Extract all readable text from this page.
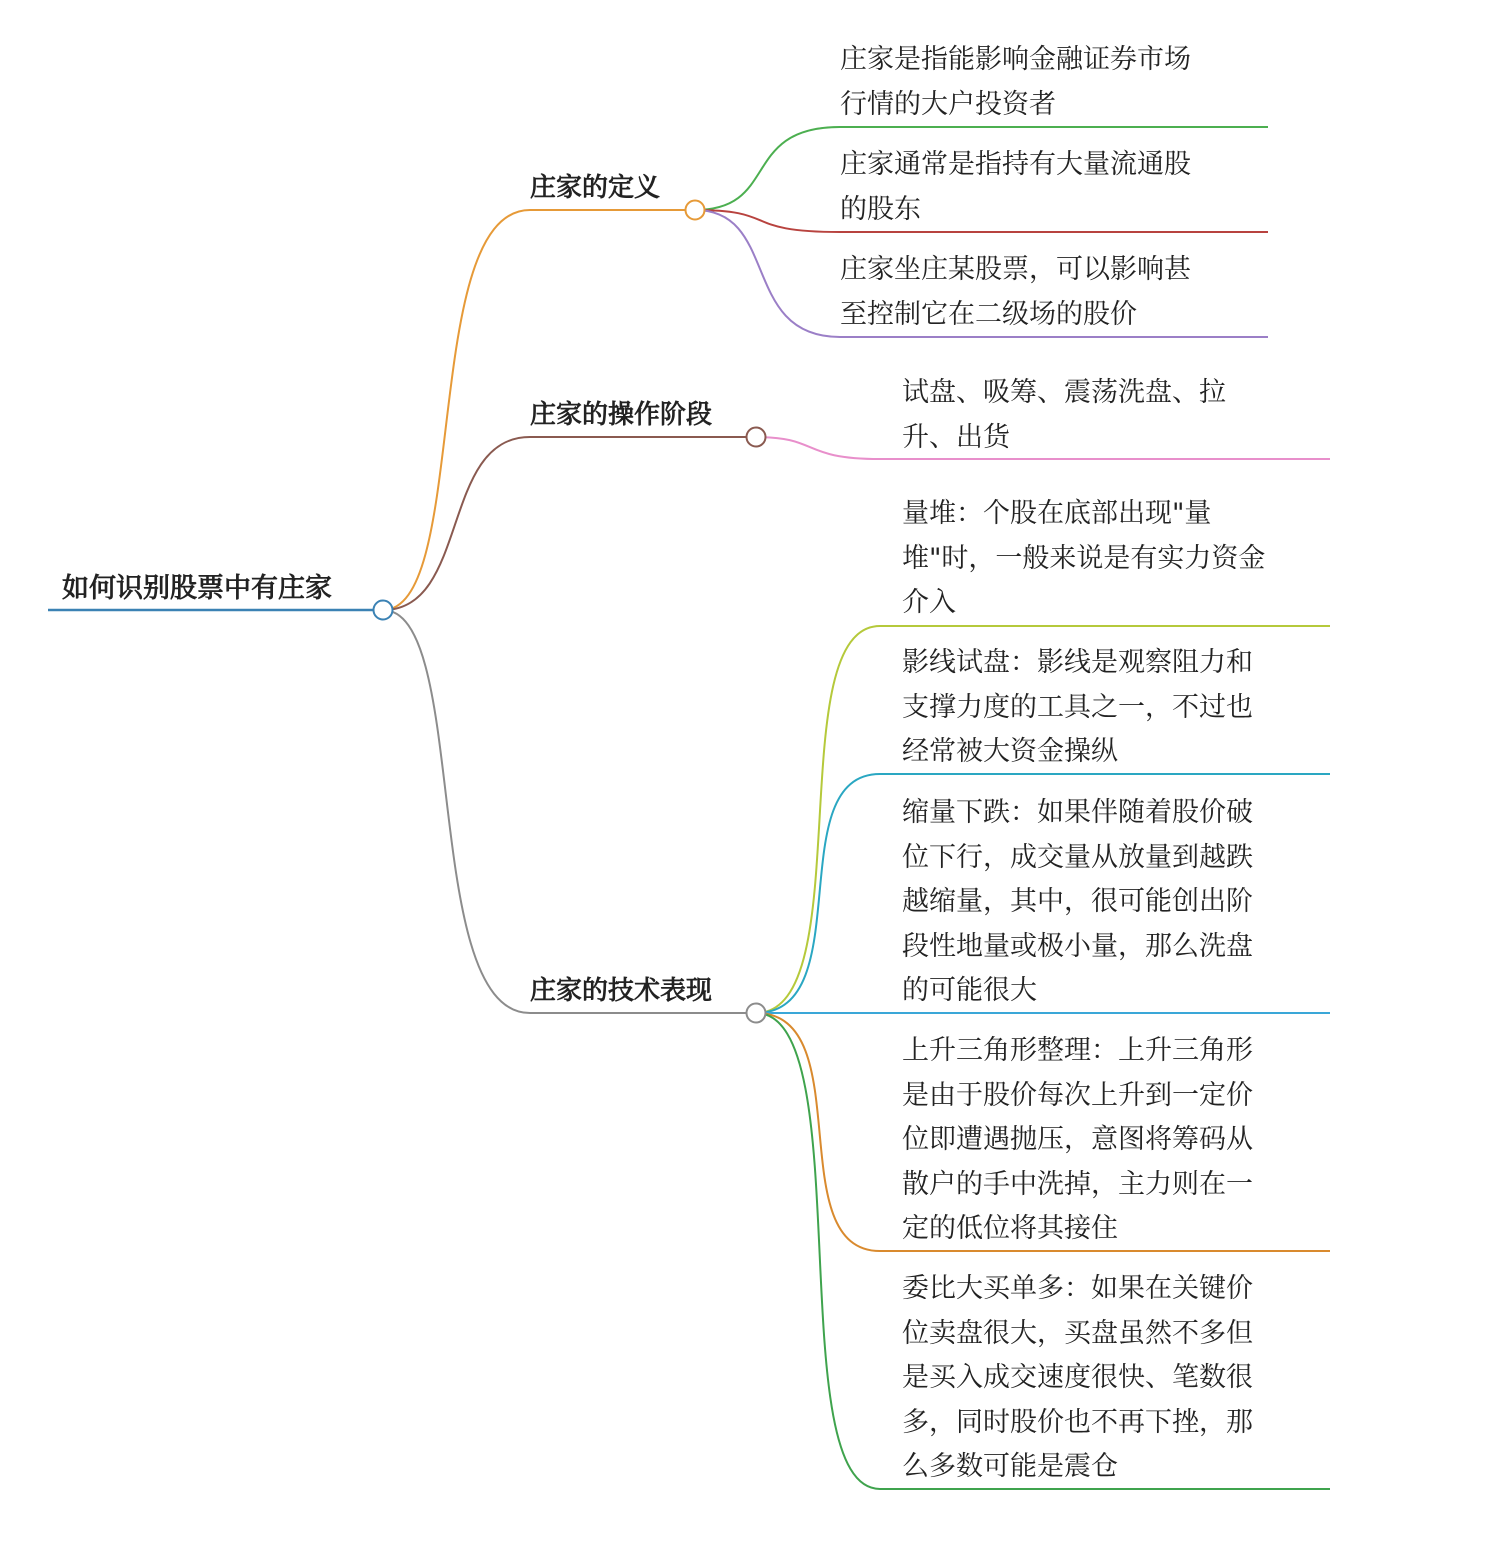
如何识别股票中有庄家
庄家的定义
庄家的操作阶段
庄家的技术表现
庄家是指能影响金融证券市场
行情的大户投资者
庄家通常是指持有大量流通股
的股东
庄家坐庄某股票，可以影响甚
至控制它在二级场的股价
试盘、吸筹、震荡洗盘、拉
升、出货
量堆：个股在底部出现"量
堆"时，一般来说是有实力资金
介入
影线试盘：影线是观察阻力和
支撑力度的工具之一，不过也
经常被大资金操纵
缩量下跌：如果伴随着股价破
位下行，成交量从放量到越跌
越缩量，其中，很可能创出阶
段性地量或极小量，那么洗盘
的可能很大
上升三角形整理：上升三角形
是由于股价每次上升到一定价
位即遭遇抛压，意图将筹码从
散户的手中洗掉，主力则在一
定的低位将其接住
委比大买单多：如果在关键价
位卖盘很大，买盘虽然不多但
是买入成交速度很快、笔数很
多，同时股价也不再下挫，那
么多数可能是震仓
